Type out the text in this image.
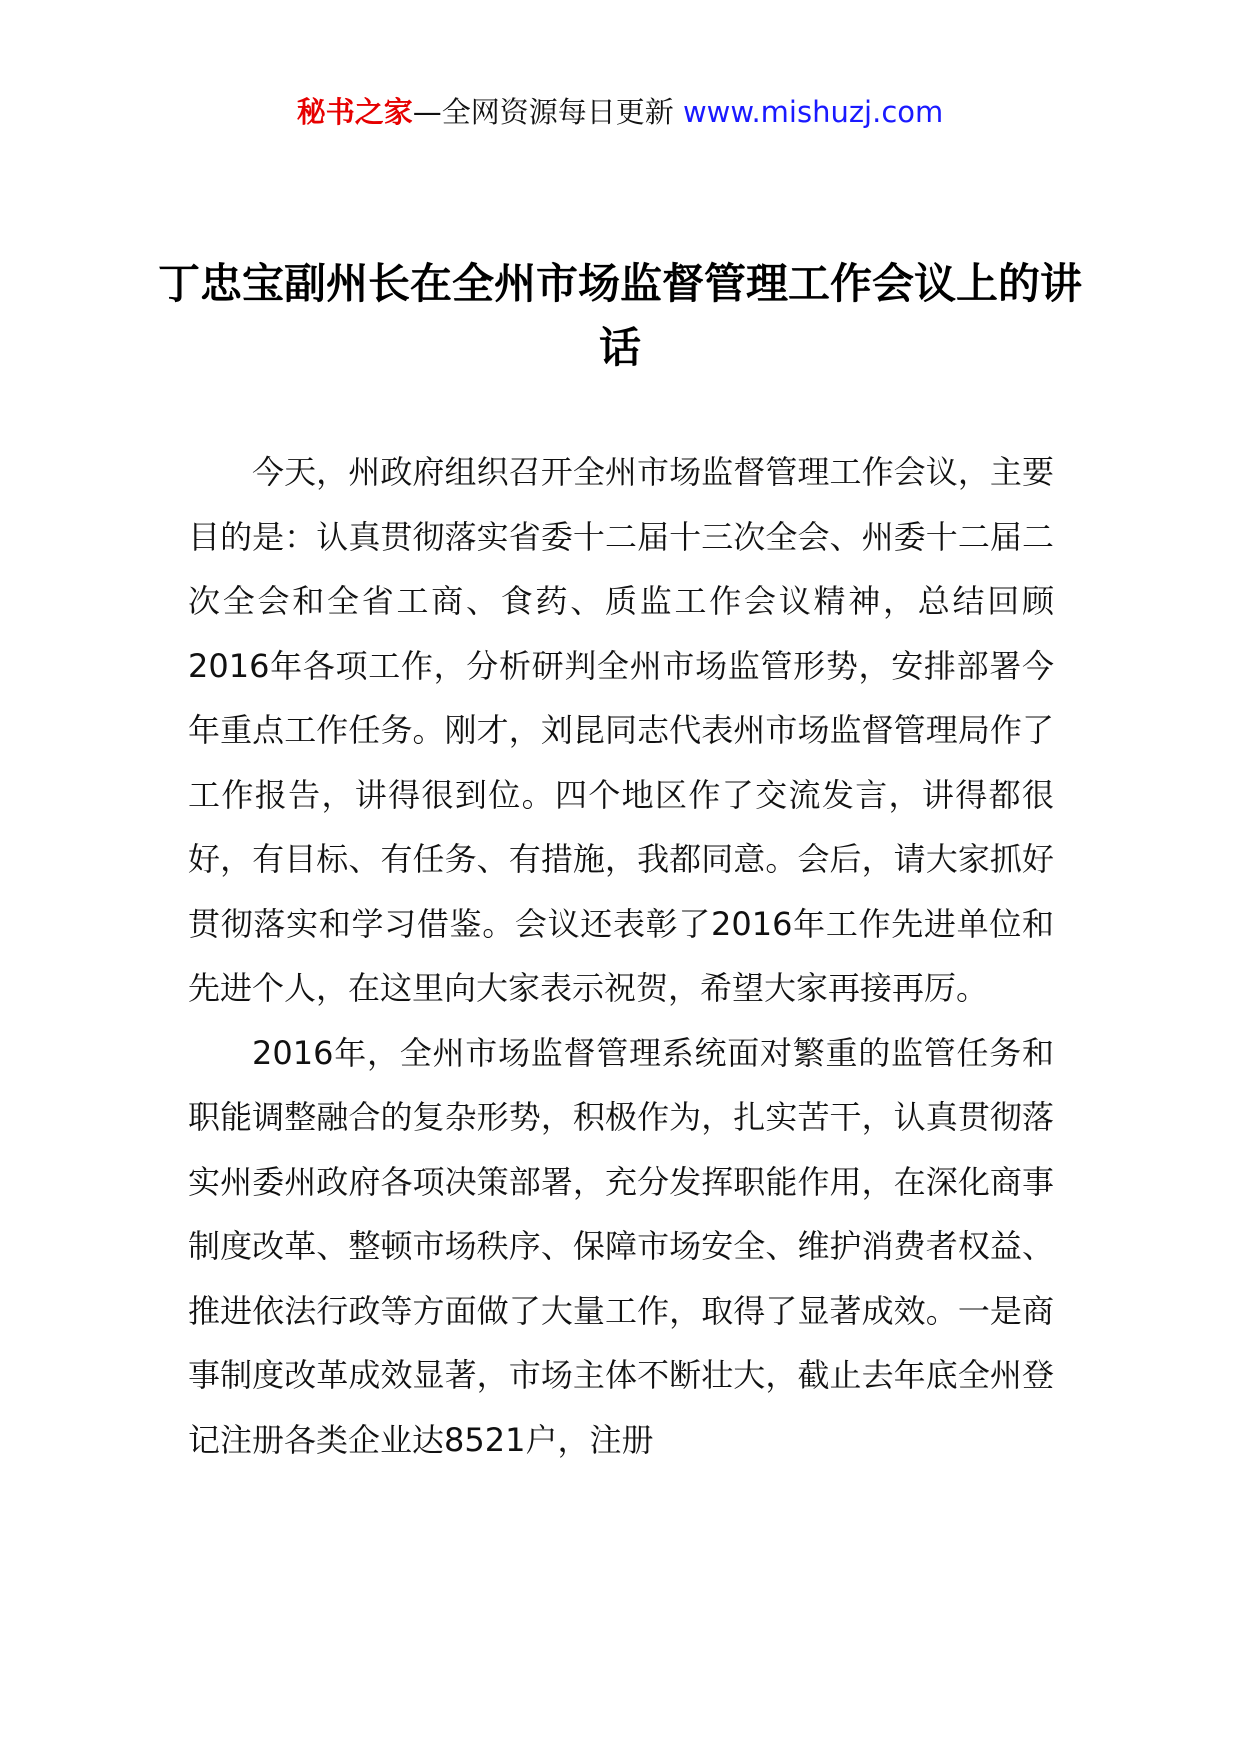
秘书之家—全网资源每日更新 www.mishuzj.com
丁忠宝副州长在全州市场监督管理工作会议上的讲话

今天，州政府组织召开全州市场监督管理工作会议，主要目的是：认真贯彻落实省委十二届十三次全会、州委十二届二次全会和全省工商、食药、质监工作会议精神，总结回顾2016年各项工作，分析研判全州市场监管形势，安排部署今年重点工作任务。刚才，刘昆同志代表州市场监督管理局作了工作报告，讲得很到位。四个地区作了交流发言，讲得都很好，有目标、有任务、有措施，我都同意。会后，请大家抓好贯彻落实和学习借鉴。会议还表彰了2016年工作先进单位和先进个人，在这里向大家表示祝贺，希望大家再接再厉。

2016年，全州市场监督管理系统面对繁重的监管任务和职能调整融合的复杂形势，积极作为，扎实苦干，认真贯彻落实州委州政府各项决策部署，充分发挥职能作用，在深化商事制度改革、整顿市场秩序、保障市场安全、维护消费者权益、推进依法行政等方面做了大量工作，取得了显著成效。一是商事制度改革成效显著，市场主体不断壮大，截止去年底全州登记注册各类企业达8521户，注册
